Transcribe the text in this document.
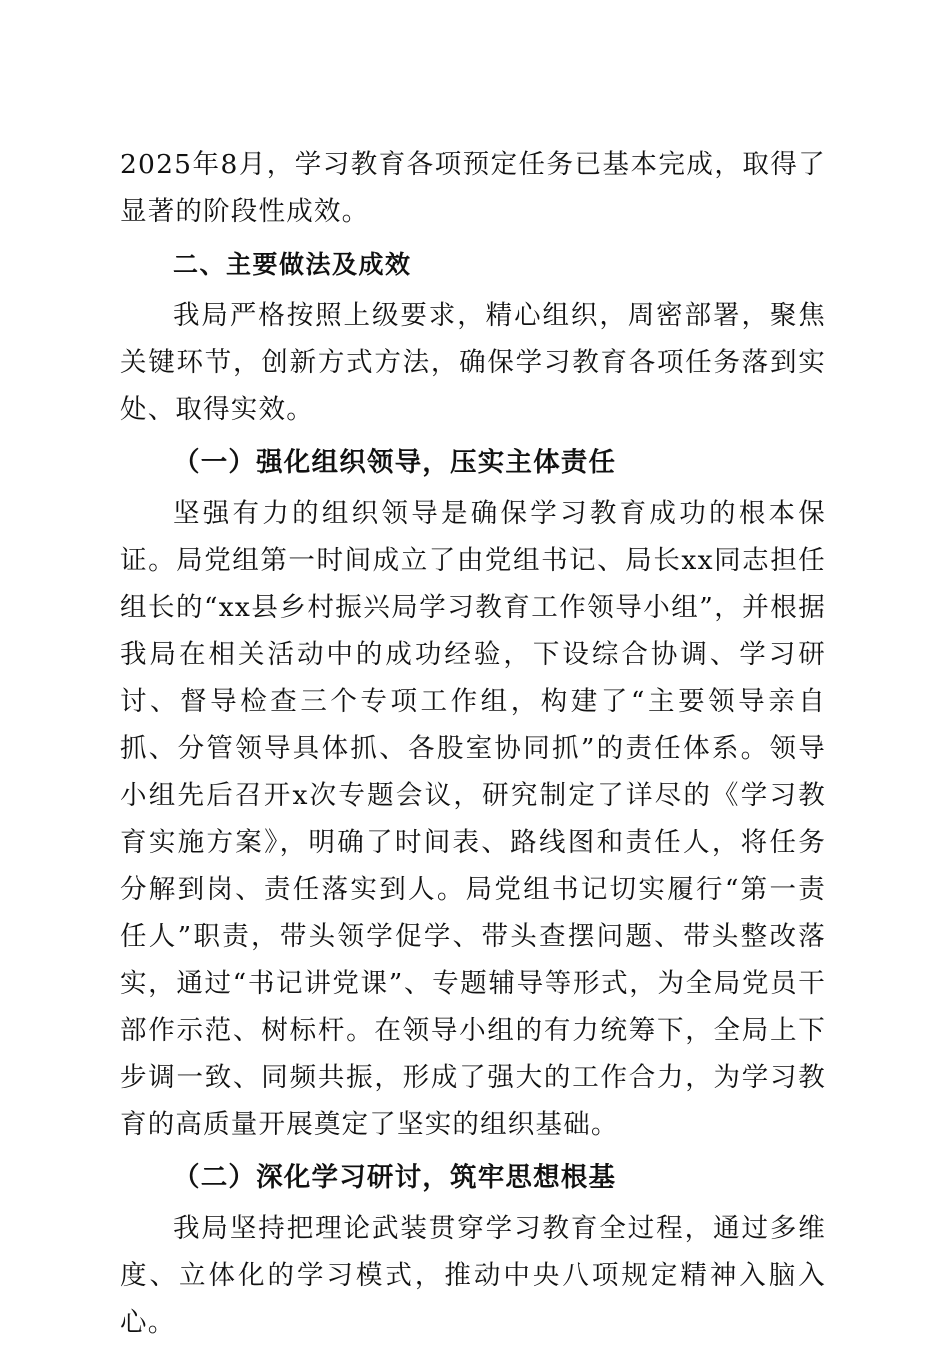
2025年8月，学习教育各项预定任务已基本完成，取得了显著的阶段性成效。

二、主要做法及成效

我局严格按照上级要求，精心组织，周密部署，聚焦关键环节，创新方式方法，确保学习教育各项任务落到实处、取得实效。

（一）强化组织领导，压实主体责任

坚强有力的组织领导是确保学习教育成功的根本保证。局党组第一时间成立了由党组书记、局长xx同志担任组长的“xx县乡村振兴局学习教育工作领导小组”，并根据我局在相关活动中的成功经验，下设综合协调、学习研讨、督导检查三个专项工作组，构建了“主要领导亲自抓、分管领导具体抓、各股室协同抓”的责任体系。领导小组先后召开x次专题会议，研究制定了详尽的《学习教育实施方案》，明确了时间表、路线图和责任人，将任务分解到岗、责任落实到人。局党组书记切实履行“第一责任人”职责，带头领学促学、带头查摆问题、带头整改落实，通过“书记讲党课”、专题辅导等形式，为全局党员干部作示范、树标杆。在领导小组的有力统筹下，全局上下步调一致、同频共振，形成了强大的工作合力，为学习教育的高质量开展奠定了坚实的组织基础。

（二）深化学习研讨，筑牢思想根基

我局坚持把理论武装贯穿学习教育全过程，通过多维度、立体化的学习模式，推动中央八项规定精神入脑入心。
